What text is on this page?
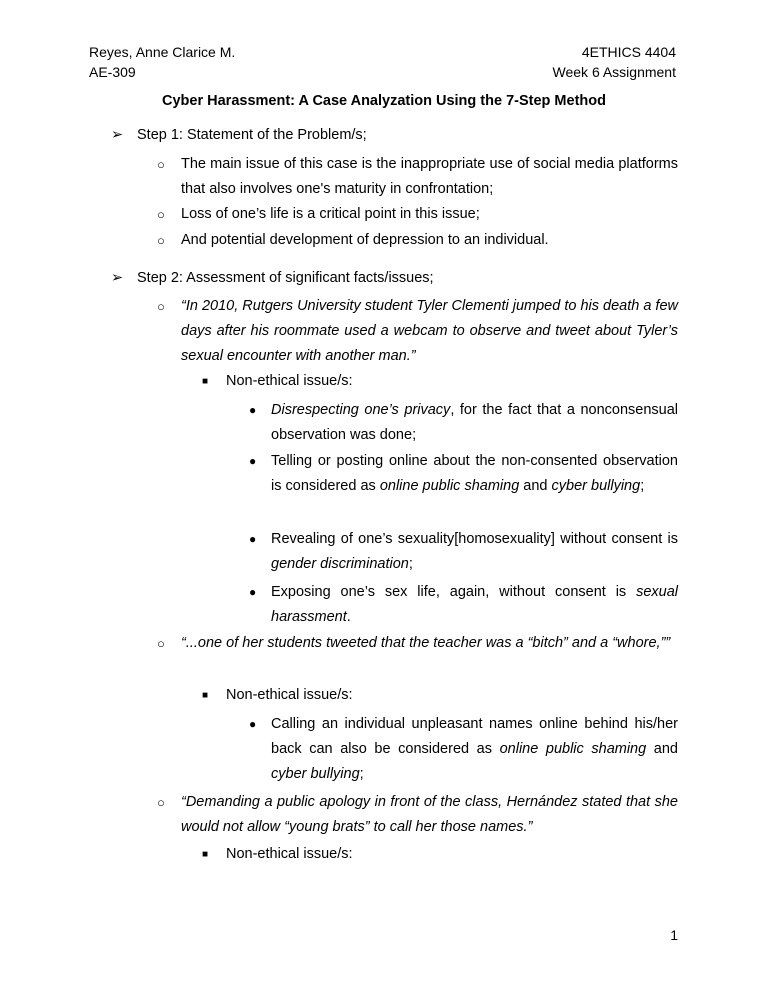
Reyes, Anne Clarice M.
AE-309
4ETHICS 4404
Week 6 Assignment
Cyber Harassment: A Case Analyzation Using the 7-Step Method
➢ Step 1: Statement of the Problem/s;
○ The main issue of this case is the inappropriate use of social media platforms that also involves one's maturity in confrontation;
○ Loss of one’s life is a critical point in this issue;
○ And potential development of depression to an individual.
➢ Step 2: Assessment of significant facts/issues;
○ “In 2010, Rutgers University student Tyler Clementi jumped to his death a few days after his roommate used a webcam to observe and tweet about Tyler’s sexual encounter with another man.”
■ Non-ethical issue/s:
● Disrespecting one’s privacy, for the fact that a nonconsensual observation was done;
● Telling or posting online about the non-consented observation is considered as online public shaming and cyber bullying;
● Revealing of one’s sexuality[homosexuality] without consent is gender discrimination;
● Exposing one’s sex life, again, without consent is sexual harassment.
○ “...one of her students tweeted that the teacher was a “bitch” and a “whore,””
■ Non-ethical issue/s:
● Calling an individual unpleasant names online behind his/her back can also be considered as online public shaming and cyber bullying;
○ “Demanding a public apology in front of the class, Hernández stated that she would not allow “young brats” to call her those names.”
■ Non-ethical issue/s:
1
